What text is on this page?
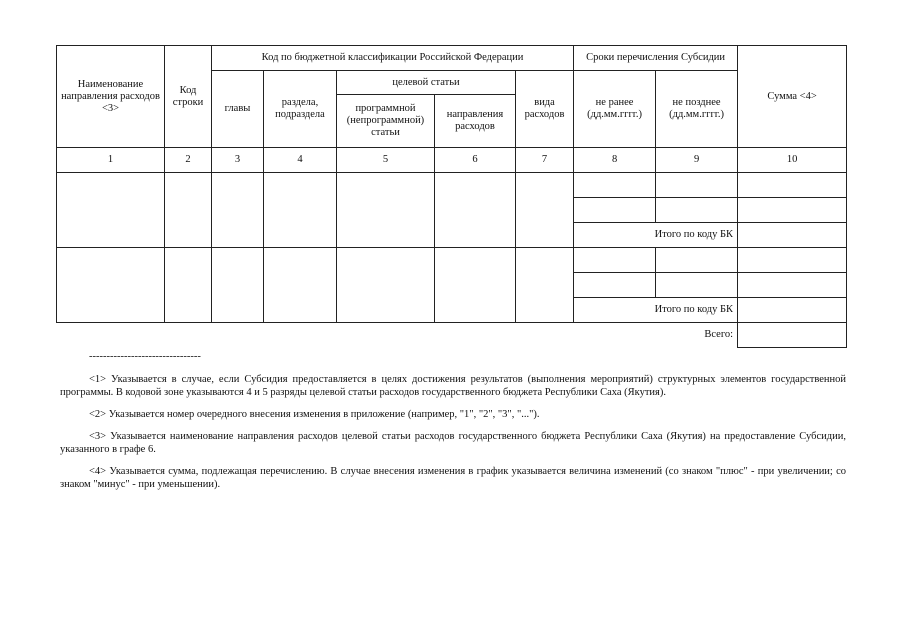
Наименование направления расходов <3>	Код строки	Код по бюджетной классификации Российской Федерации					Сроки перечисления Субсидии		Сумма <4>
		главы	раздела, подраздела	целевой статьи		вида расходов	не ранее (дд.мм.гггг.)	не позднее (дд.мм.гггг.)	
				программной (непрограммной) статьи	направления расходов				
1	2	3	4	5	6	7	8	9	10

							Итого по коду БК		

							Итого по коду БК		
Всего:									
--------------------------------

<1> Указывается в случае, если Субсидия предоставляется в целях достижения результатов (выполнения мероприятий) структурных элементов государственной программы. В кодовой зоне указываются 4 и 5 разряды целевой статьи расходов государственного бюджета Республики Саха (Якутия).

<2> Указывается номер очередного внесения изменения в приложение (например, "1", "2", "3", "...").

<3> Указывается наименование направления расходов целевой статьи расходов государственного бюджета Республики Саха (Якутия) на предоставление Субсидии, указанного в графе 6.

<4> Указывается сумма, подлежащая перечислению. В случае внесения изменения в график указывается величина изменений (со знаком "плюс" - при увеличении; со знаком "минус" - при уменьшении).
